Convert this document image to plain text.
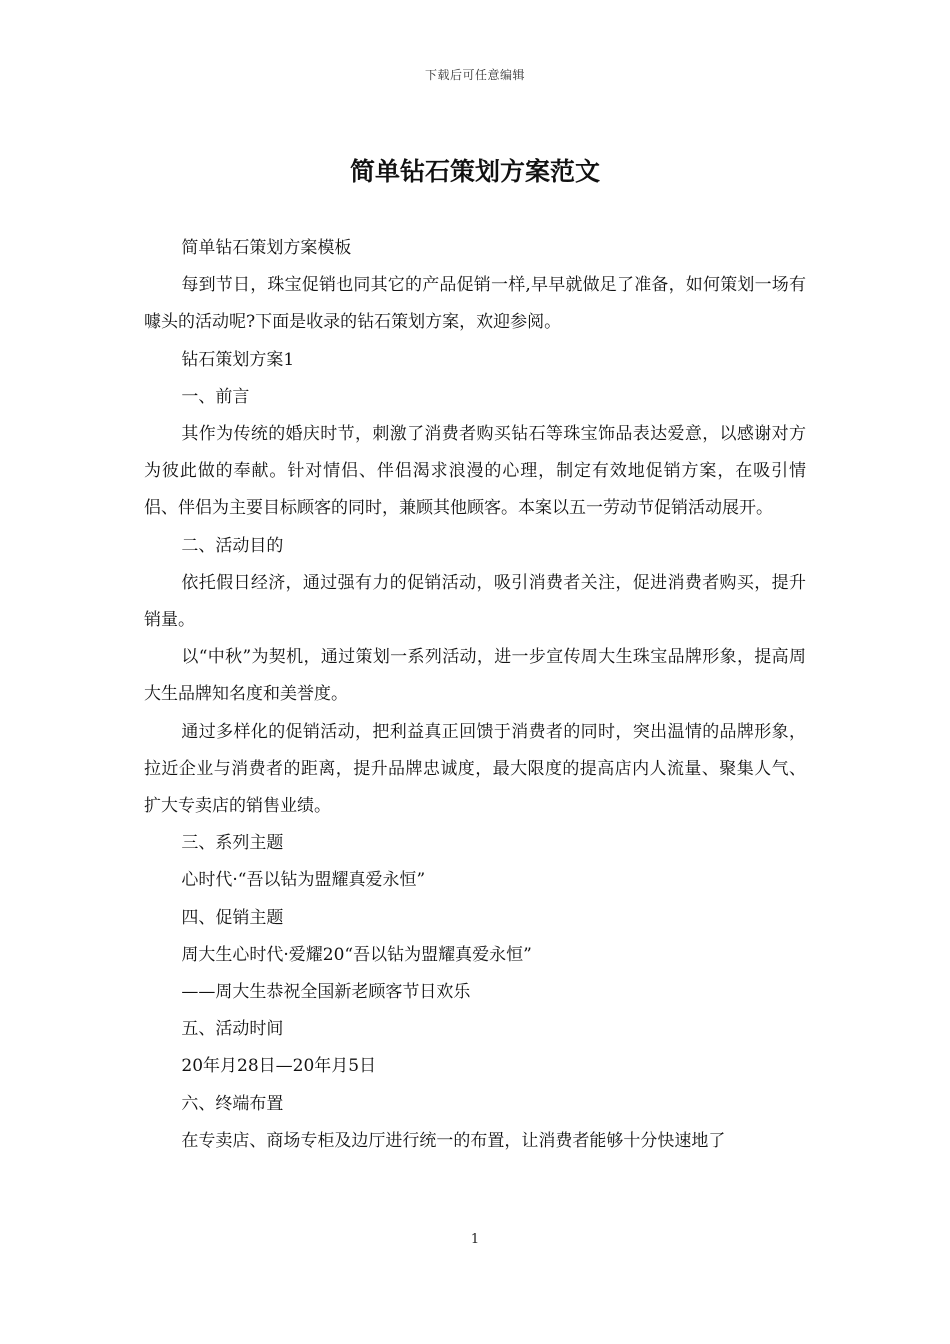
下载后可任意编辑
简单钻石策划方案范文

简单钻石策划方案模板

每到节日，珠宝促销也同其它的产品促销一样,早早就做足了准备，如何策划一场有噱头的活动呢?下面是收录的钻石策划方案，欢迎参阅。

钻石策划方案1

一、前言

其作为传统的婚庆时节，刺激了消费者购买钻石等珠宝饰品表达爱意，以感谢对方为彼此做的奉献。针对情侣、伴侣渴求浪漫的心理，制定有效地促销方案，在吸引情侣、伴侣为主要目标顾客的同时，兼顾其他顾客。本案以五一劳动节促销活动展开。

二、活动目的

依托假日经济，通过强有力的促销活动，吸引消费者关注，促进消费者购买，提升销量。

以“中秋”为契机，通过策划一系列活动，进一步宣传周大生珠宝品牌形象，提高周大生品牌知名度和美誉度。

通过多样化的促销活动，把利益真正回馈于消费者的同时，突出温情的品牌形象，拉近企业与消费者的距离，提升品牌忠诚度，最大限度的提高店内人流量、聚集人气、扩大专卖店的销售业绩。

三、系列主题

心时代·“吾以钻为盟耀真爱永恒”

四、促销主题

周大生心时代·爱耀20“吾以钻为盟耀真爱永恒”

——周大生恭祝全国新老顾客节日欢乐

五、活动时间

20年月28日—20年月5日

六、终端布置

在专卖店、商场专柜及边厅进行统一的布置，让消费者能够十分快速地了

1
